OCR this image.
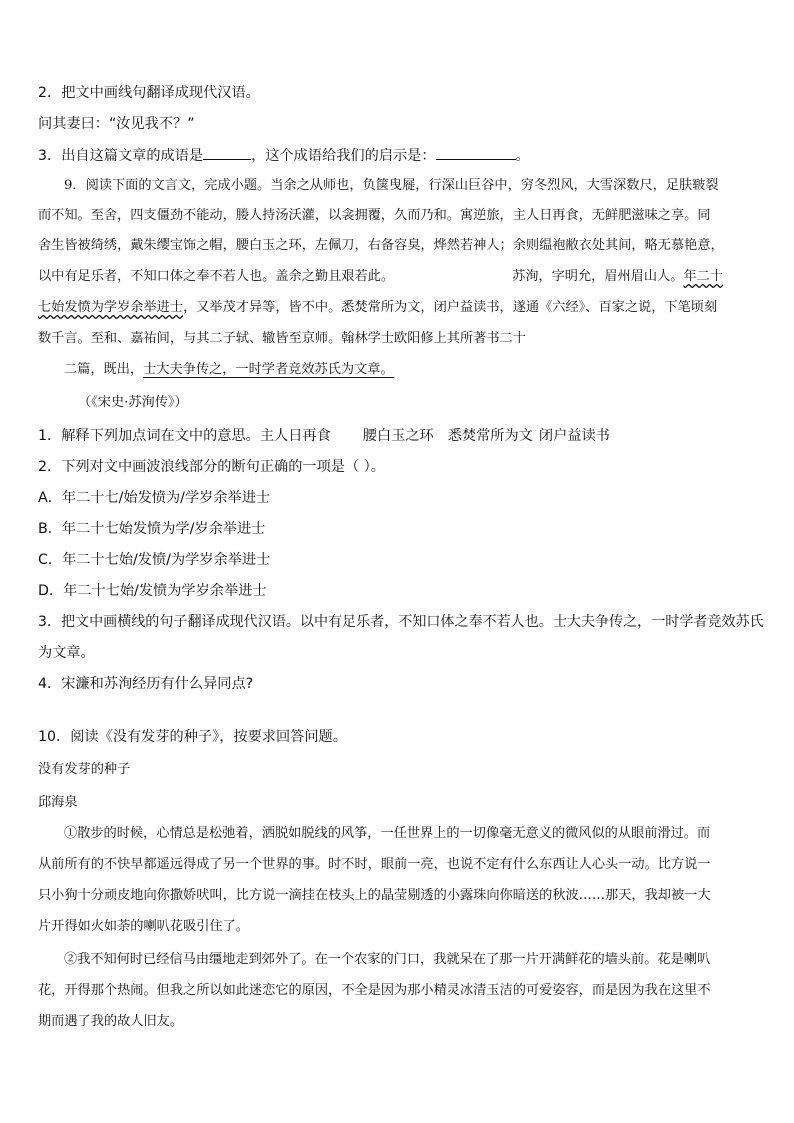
2．把文中画线句翻译成现代汉语。
问其妻曰：“汝见我不？”
3．出自这篇文章的成语是	，这个成语给我们的启示是：	。
9．阅读下面的文言文，完成小题。当余之从师也，负箧曳屣，行深山巨谷中，穷冬烈风，大雪深数尺，足肤皲裂
而不知。至舍，四支僵劲不能动，媵人持汤沃灌，以衾拥覆，久而乃和。寓逆旅，主人日再食，无鲜肥滋味之享。同
舍生皆被绮绣，戴朱缨宝饰之帽，腰白玉之环，左佩刀，右备容臭，烨然若神人；余则缊袍敝衣处其间，略无慕艳意，
以中有足乐者，不知口体之奉不若人也。盖余之勤且艰若此。	苏洵，字明允，眉州眉山人。年二十
七始发愤为学岁余举进士，又举茂才异等，皆不中。悉焚常所为文，闭户益读书，遂通《六经》、百家之说，下笔顷刻
数千言。至和、嘉祐间，与其二子轼、辙皆至京师。翰林学士欧阳修上其所著书二十
二篇，既出，士大夫争传之，一时学者竞效苏氏为文章。
（《宋史·苏洵传》）
1．解释下列加点词在文中的意思。主人日再食 腰白玉之环 悉焚常所为文 闭户益读书
2．下列对文中画波浪线部分的断句正确的一项是（ ）。
A．年二十七/始发愤为/学岁余举进士
B．年二十七始发愤为学/岁余举进士
C．年二十七始/发愤/为学岁余举进士
D．年二十七始/发愤为学岁余举进士
3．把文中画横线的句子翻译成现代汉语。以中有足乐者，不知口体之奉不若人也。士大夫争传之，一时学者竞效苏氏
为文章。
4．宋濂和苏洵经历有什么异同点?
10．阅读《没有发芽的种子》，按要求回答问题。
没有发芽的种子
邱海泉
①散步的时候，心情总是松弛着，洒脱如脱线的风筝，一任世界上的一切像毫无意义的微风似的从眼前滑过。而
从前所有的不快早都遥远得成了另一个世界的事。时不时，眼前一亮，也说不定有什么东西让人心头一动。比方说一
只小狗十分顽皮地向你撒娇吠叫，比方说一滴挂在枝头上的晶莹剔透的小露珠向你暗送的秋波……那天，我却被一大
片开得如火如荼的喇叭花吸引住了。
②我不知何时已经信马由缰地走到郊外了。在一个农家的门口，我就呆在了那一片开满鲜花的墙头前。花是喇叭
花，开得那个热闹。但我之所以如此迷恋它的原因，不全是因为那小精灵冰清玉洁的可爱姿容，而是因为我在这里不
期而遇了我的故人旧友。
